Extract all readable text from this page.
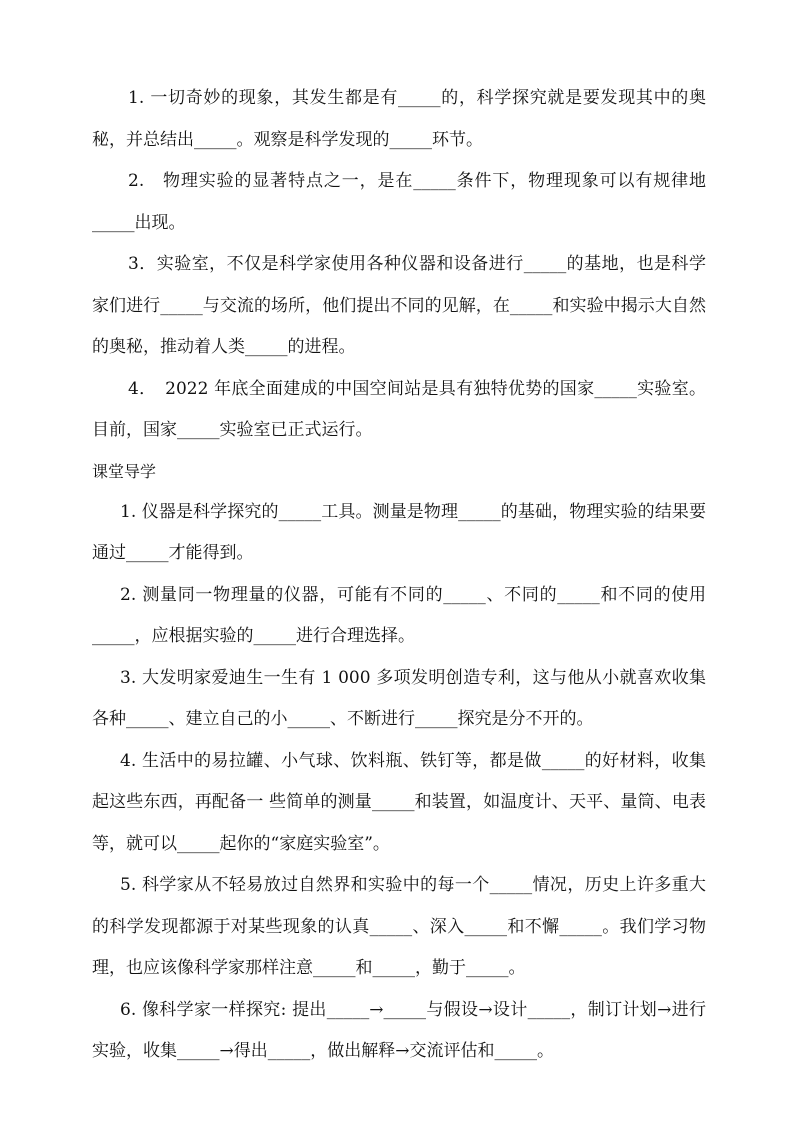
1. 一切奇妙的现象，其发生都是有_____的，科学探究就是要发现其中的奥秘，并总结出_____。观察是科学发现的_____环节。

2.　物理实验的显著特点之一，是在_____条件下，物理现象可以有规律地_____出现。

3．实验室，不仅是科学家使用各种仪器和设备进行_____的基地，也是科学家们进行_____与交流的场所，他们提出不同的见解，在_____和实验中揭示大自然的奥秘，推动着人类_____的进程。

4．　2022 年底全面建成的中国空间站是具有独特优势的国家_____实验室。目前，国家_____实验室已正式运行。

课堂导学

1. 仪器是科学探究的_____工具。测量是物理_____的基础，物理实验的结果要通过_____才能得到。

2. 测量同一物理量的仪器，可能有不同的_____、不同的_____和不同的使用_____，应根据实验的_____进行合理选择。

3. 大发明家爱迪生一生有 1 000 多项发明创造专利，这与他从小就喜欢收集各种_____、建立自己的小_____、不断进行_____探究是分不开的。

4. 生活中的易拉罐、小气球、饮料瓶、铁钉等，都是做_____的好材料，收集起这些东西，再配备一 些简单的测量_____和装置，如温度计、天平、量筒、电表等，就可以_____起你的“家庭实验室”。

5. 科学家从不轻易放过自然界和实验中的每一个_____情况，历史上许多重大的科学发现都源于对某些现象的认真_____、深入_____和不懈_____。我们学习物理，也应该像科学家那样注意_____和_____，勤于_____。

6. 像科学家一样探究: 提出_____→_____与假设→设计_____，制订计划→进行实验，收集_____→得出_____，做出解释→交流评估和_____。
